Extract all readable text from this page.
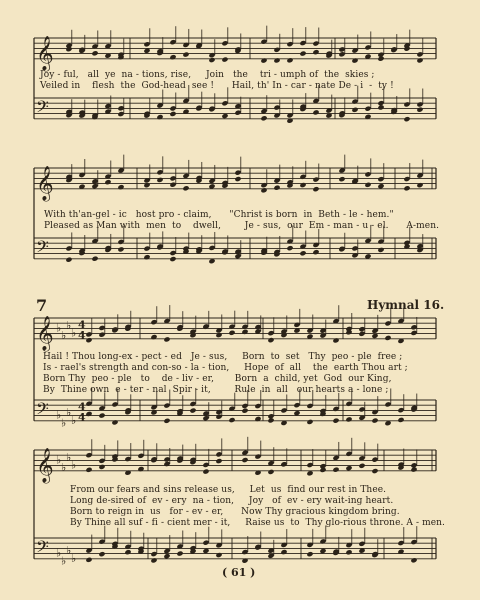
𝄞
𝄢
𝄞
𝄢
𝄞
𝄢
♭
♭
♭
♭
♭
♭
♭
♭
4
4
4
4
𝄞
𝄢
♭
♭
♭
♭
♭
♭
♭
♭
Joy - ful,   all  ye  na - tions, rise,     Join   the    tri - umph of  the  skies ;
Veiled in    flesh  the  God-head  see !      Hail, th' In - car - nate De - i  -  ty !
With th'an-gel - ic   host pro - claim,      "Christ is born  in  Beth - le - hem."
Pleased as Man with  men  to    dwell,        Je - sus,  our  Em - man - u - el.      A-men.
7	Hymnal 16.
Hail ! Thou long-ex - pect - ed   Je - sus,     Born  to  set   Thy  peo - ple  free ;
Is - rael's strength and con-so - la - tion,     Hope  of  all    the  earth Thou art ;
Born Thy  peo - ple   to    de - liv - er,       Born  a  child, yet  God  our King,
By  Thine own  e - ter - nal  Spir - it,        Rule  in  all   our hearts a - lone ;
From our fears and sins release us,     Let  us  find our rest in Thee.
Long de-sired of  ev - ery  na - tion,     Joy   of  ev - ery wait-ing heart.
Born to reign in  us   for - ev - er,      Now Thy gracious kingdom bring.
By Thine all suf - fi - cient mer - it,     Raise us  to  Thy glo-rious throne. A - men.
( 61 )
